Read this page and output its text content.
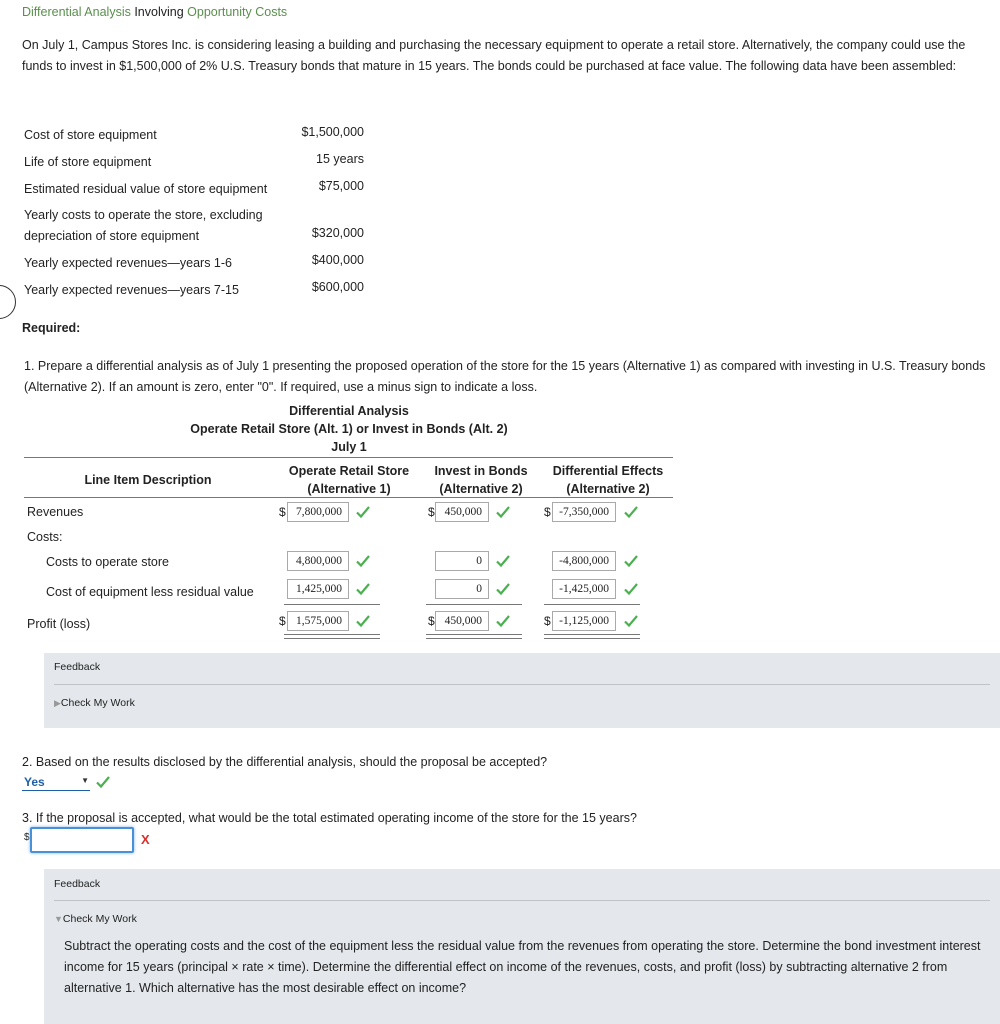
Differential Analysis Involving Opportunity Costs
On July 1, Campus Stores Inc. is considering leasing a building and purchasing the necessary equipment to operate a retail store. Alternatively, the company could use the funds to invest in $1,500,000 of 2% U.S. Treasury bonds that mature in 15 years. The bonds could be purchased at face value. The following data have been assembled:
Cost of store equipment	$1,500,000
Life of store equipment	15 years
Estimated residual value of store equipment	$75,000
Yearly costs to operate the store, excluding
depreciation of store equipment	$320,000
Yearly expected revenues—years 1-6	$400,000
Yearly expected revenues—years 7-15	$600,000
Required:
1. Prepare a differential analysis as of July 1 presenting the proposed operation of the store for the 15 years (Alternative 1) as compared with investing in U.S. Treasury bonds (Alternative 2). If an amount is zero, enter "0". If required, use a minus sign to indicate a loss.
Differential Analysis
Operate Retail Store (Alt. 1) or Invest in Bonds (Alt. 2)
July 1
Line Item Description
Operate Retail Store
(Alternative 1)
Invest in Bonds
(Alternative 2)
Differential Effects
(Alternative 2)
Revenues	$ 7,800,000	$ 450,000	$ -7,350,000
Costs:
Costs to operate store	4,800,000	0	-4,800,000
Cost of equipment less residual value	1,425,000	0	-1,425,000
Profit (loss)	$ 1,575,000	$ 450,000	$ -1,125,000
Feedback
▶Check My Work
2. Based on the results disclosed by the differential analysis, should the proposal be accepted?
Yes	▼
3. If the proposal is accepted, what would be the total estimated operating income of the store for the 15 years?
$	X
Feedback
▼Check My Work
Subtract the operating costs and the cost of the equipment less the residual value from the revenues from operating the store. Determine the bond investment interest income for 15 years (principal × rate × time). Determine the differential effect on income of the revenues, costs, and profit (loss) by subtracting alternative 2 from alternative 1. Which alternative has the most desirable effect on income?
